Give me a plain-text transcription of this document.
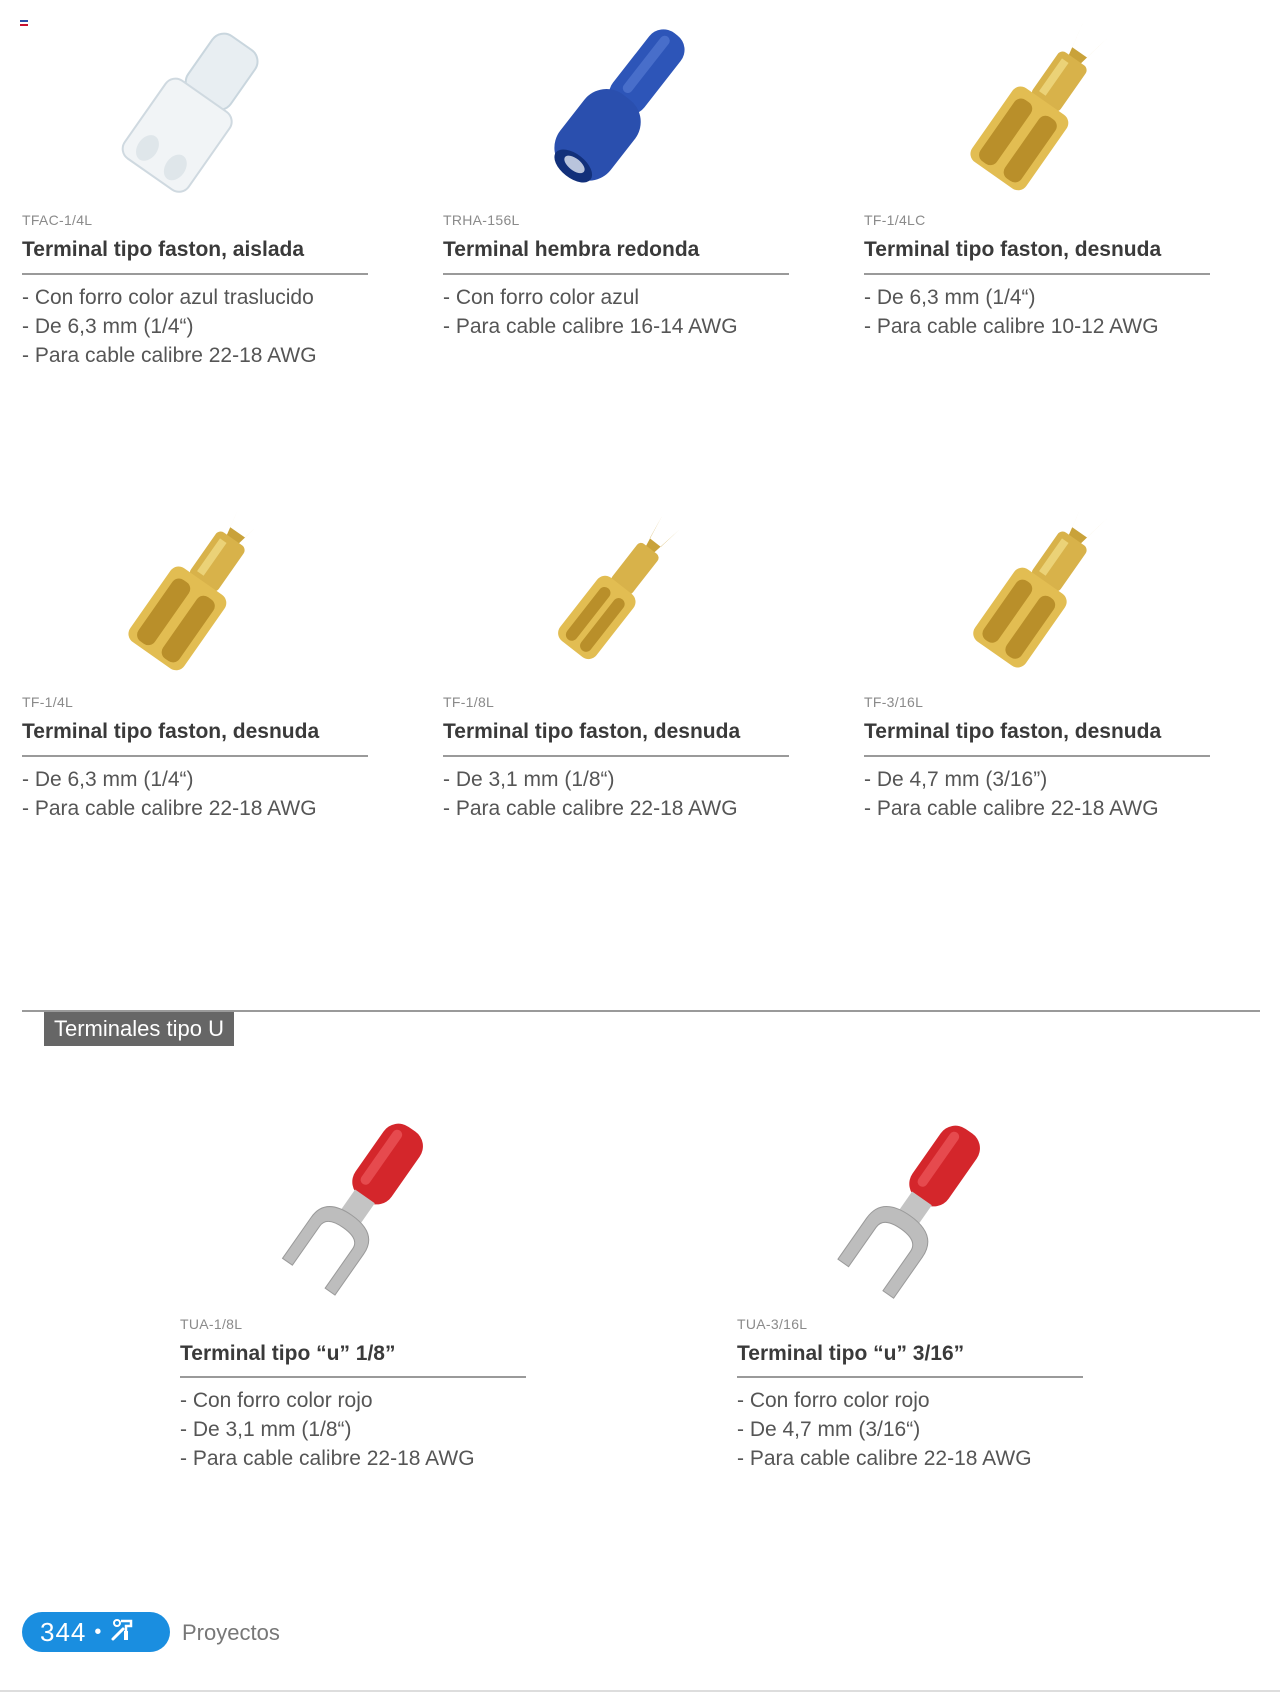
TFAC-1/4L
Terminal tipo faston, aislada
- Con forro color azul traslucido
- De 6,3 mm (1/4“)
- Para cable calibre 22-18 AWG
TRHA-156L
Terminal hembra redonda
- Con forro color azul
- Para cable calibre 16-14 AWG
TF-1/4LC
Terminal tipo faston, desnuda
- De 6,3 mm (1/4“)
- Para cable calibre 10-12 AWG
TF-1/4L
Terminal tipo faston, desnuda
- De 6,3 mm (1/4“)
- Para cable calibre 22-18 AWG
TF-1/8L
Terminal tipo faston, desnuda
- De 3,1 mm (1/8“)
- Para cable calibre 22-18 AWG
TF-3/16L
Terminal tipo faston, desnuda
- De 4,7 mm (3/16”)
- Para cable calibre 22-18 AWG
Terminales tipo U
TUA-1/8L
Terminal tipo “u” 1/8”
- Con forro color rojo
- De 3,1 mm (1/8“)
- Para cable calibre 22-18 AWG
TUA-3/16L
Terminal tipo “u” 3/16”
- Con forro color rojo
- De 4,7 mm (3/16“)
- Para cable calibre 22-18 AWG
344 •	Proyectos
